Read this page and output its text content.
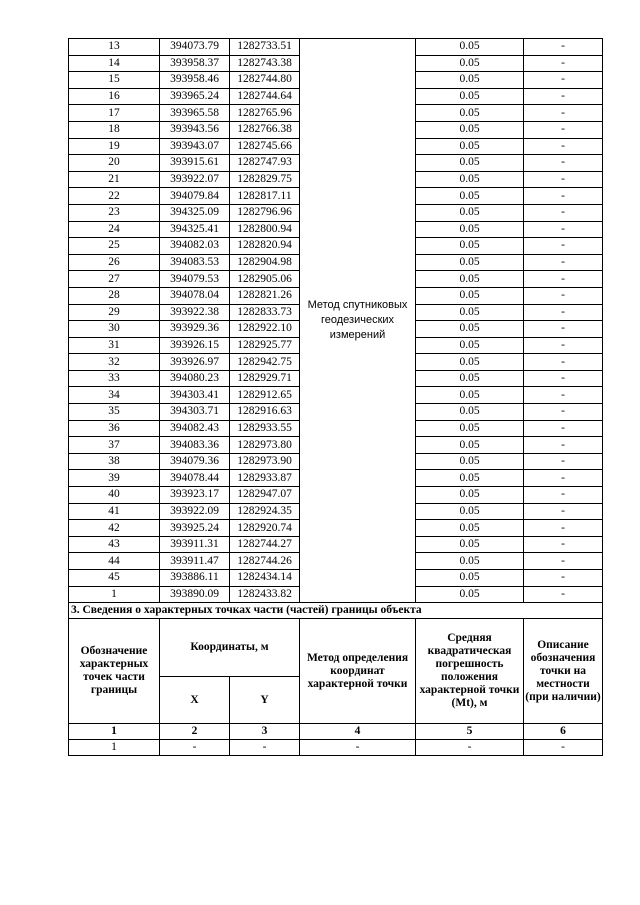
13	394073.79	1282733.51	Метод спутниковых геодезических измерений	0.05	-
14	393958.37	1282743.38		0.05	-
15	393958.46	1282744.80		0.05	-
16	393965.24	1282744.64		0.05	-
17	393965.58	1282765.96		0.05	-
18	393943.56	1282766.38		0.05	-
19	393943.07	1282745.66		0.05	-
20	393915.61	1282747.93		0.05	-
21	393922.07	1282829.75		0.05	-
22	394079.84	1282817.11		0.05	-
23	394325.09	1282796.96		0.05	-
24	394325.41	1282800.94		0.05	-
25	394082.03	1282820.94		0.05	-
26	394083.53	1282904.98		0.05	-
27	394079.53	1282905.06		0.05	-
28	394078.04	1282821.26		0.05	-
29	393922.38	1282833.73		0.05	-
30	393929.36	1282922.10		0.05	-
31	393926.15	1282925.77		0.05	-
32	393926.97	1282942.75		0.05	-
33	394080.23	1282929.71		0.05	-
34	394303.41	1282912.65		0.05	-
35	394303.71	1282916.63		0.05	-
36	394082.43	1282933.55		0.05	-
37	394083.36	1282973.80		0.05	-
38	394079.36	1282973.90		0.05	-
39	394078.44	1282933.87		0.05	-
40	393923.17	1282947.07		0.05	-
41	393922.09	1282924.35		0.05	-
42	393925.24	1282920.74		0.05	-
43	393911.31	1282744.27		0.05	-
44	393911.47	1282744.26		0.05	-
45	393886.11	1282434.14		0.05	-
1	393890.09	1282433.82		0.05	-
3. Сведения о характерных точках части (частей) границы объекта					
Обозначение характерных точек части границы	Координаты, м		Метод определения координат характерной точки	Средняя квадратическая погрешность положения характерной точки (Mt), м	Описание обозначения точки на местности (при наличии)
	X	Y			
1	2	3	4	5	6
1	-	-	-	-	-
